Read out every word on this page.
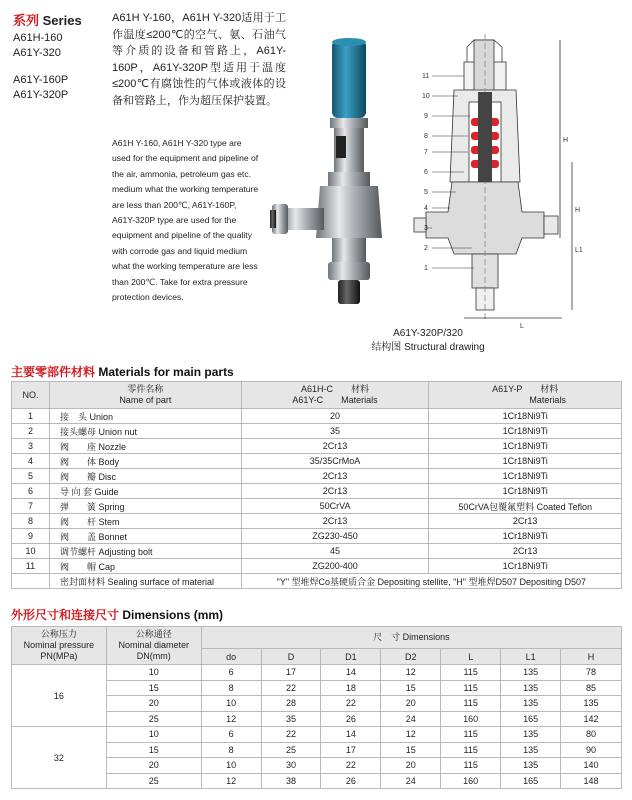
系列 Series
A61H-160
A61Y-320
A61Y-160P
A61Y-320P
A61H Y-160，A61H Y-320适用于工作温度≤200℃的空气、氨、石油气等介质的设备和管路上，A61Y-160P，A61Y-320P型适用于温度≤200℃有腐蚀性的气体或液体的设备和管路上，作为超压保护装置。
A61H Y-160, A61H Y-320 type are used for the equipment and pipeline of the air, ammonia, petroleum gas etc. medium what the working temperature are less than 200℃, A61Y-160P, A61Y-320P type are used for the equipment and pipeline of the quality with corrode gas and liquid medium what the working temperature are less than 200℃. Take for extra pressure protection devices.
11
10
9
8
7
6
5
4
3
2
1
H
L1
L
H
A61Y-320P/320
结构图 Structural drawing
主要零部件材料 Materials for main parts
NO.	零件名称
Name of part	A61H-C　　 材料
A61Y-C　　 Materials	A61Y-P　　 材料
　　　　　Materials
1	接　头 Union	20	1Cr18Ni9Ti
2	接头螺母 Union nut	35	1Cr18Ni9Ti
3	阀　　座 Nozzle	2Cr13	1Cr18Ni9Ti
4	阀　　体 Body	35/35CrMoA	1Cr18Ni9Ti
5	阀　　瓣 Disc	2Cr13	1Cr18Ni9Ti
6	导 向 套 Guide	2Cr13	1Cr18Ni9Ti
7	弹　　簧 Spring	50CrVA	50CrVA包覆氟塑料 Coated Teflon
8	阀　　杆 Stem	2Cr13	2Cr13
9	阀　　盖 Bonnet	ZG230-450	1Cr18Ni9Ti
10	调节螺杆 Adjusting bolt	45	2Cr13
11	阀　　帽 Cap	ZG200-400	1Cr18Ni9Ti
	密封面材料 Sealing surface of material	"Y" 型堆焊Co基硬质合金 Depositing stellite, "H" 型堆焊D507 Depositing D507	
外形尺寸和连接尺寸 Dimensions (mm)
公称压力
Nominal pressure
PN(MPa)	公称通径
Nominal diameter
DN(mm)	尺　寸 Dimensions						
		do	D	D1	D2	L	L1	H
16	10	6	17	14	12	115	135	78
	15	8	22	18	15	115	135	85
	20	10	28	22	20	115	135	135
	25	12	35	26	24	160	165	142
32	10	6	22	14	12	115	135	80
	15	8	25	17	15	115	135	90
	20	10	30	22	20	115	135	140
	25	12	38	26	24	160	165	148
